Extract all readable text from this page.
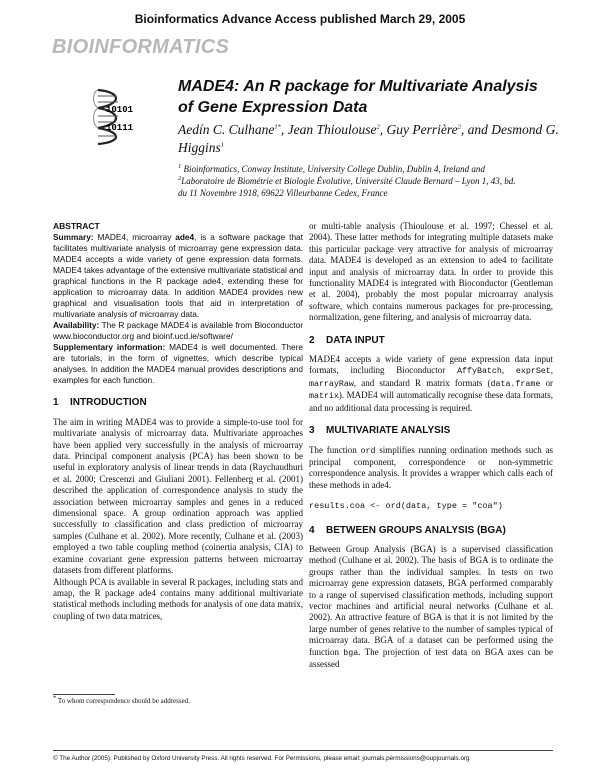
Bioinformatics Advance Access published March 29, 2005
BIOINFORMATICS
10101
10111
MADE4: An R package for Multivariate Analysis
of Gene Expression Data
Aedín C. Culhane$^{1*}$, Jean Thioulouse$^2$, Guy Perrière$^2$, and Desmond G.
Higgins$^1$
$^1$ Bioinformatics, Conway Institute, University College Dublin, Dublin 4, Ireland and
$^2$Laboratoire de Biométrie et Biologie Évolutive, Université Claude Bernard – Lyon 1, 43, bd.
du 11 Novembre 1918, 69622 Villeurbanne Cedex, France
ABSTRACT

Summary: MADE4, microarray ade4, is a software package that facilitates multivariate analysis of microarray gene expression data. MADE4 accepts a wide variety of gene expression data formats. MADE4 takes advantage of the extensive multivariate statistical and graphical functions in the R package ade4, extending these for application to microarray data. In addition MADE4 provides new graphical and visualisation tools that aid in interpretation of multivariate analysis of microarray data.

Availability: The R package MADE4 is available from Bioconductor www.bioconductor.org and bioinf.ucd.ie/software/

Supplementary information: MADE4 is well documented. There are tutorials, in the form of vignettes, which describe typical analyses. In addition the MADE4 manual provides descriptions and examples for each function.

1 INTRODUCTION

The aim in writing MADE4 was to provide a simple-to-use tool for multivariate analysis of microarray data. Multivariate approaches have been applied very successfully in the analysis of microarray data. Principal component analysis (PCA) has been shown to be useful in exploratory analysis of linear trends in data (Raychaudhuri et al. 2000; Crescenzi and Giuliani 2001). Fellenberg et al. (2001) described the application of correspondence analysis to study the association between microarray samples and genes in a reduced dimensional space. A group ordination approach was applied successfully to classification and class prediction of microarray samples (Culhane et al. 2002). More recently, Culhane et al. (2003) employed a two table coupling method (coinertia analysis, CIA) to examine covariant gene expression patterns between microarray datasets from different platforms.

Although PCA is available in several R packages, including stats and amap, the R package ade4 contains many additional multivariate statistical methods including methods for analysis of one data matrix, coupling of two data matrices,

or multi-table analysis (Thioulouse et al. 1997; Chessel et al. 2004). These latter methods for integrating multiple datasets make this particular package very attractive for analysis of microarray data. MADE4 is developed as an extension to ade4 to facilitate input and analysis of microarray data. In order to provide this functionality MADE4 is integrated with Bioconductor (Gentleman et al. 2004), probably the most popular microarray analysis software, which contains numerous packages for pre-processing, normalization, gene filtering, and analysis of microarray data.

2 DATA INPUT

MADE4 accepts a wide variety of gene expression data input formats, including Bioconductor AffyBatch, exprSet, marrayRaw, and standard R matrix formats (data.frame or matrix). MADE4 will automatically recognise these data formats, and no additional data processing is required.

3 MULTIVARIATE ANALYSIS

The function ord simplifies running ordination methods such as principal component, correspondence or non-symmetric correspondence analysis. It provides a wrapper which calls each of these methods in ade4.

results.coa <- ord(data, type = "coa")
4 BETWEEN GROUPS ANALYSIS (BGA)

Between Group Analysis (BGA) is a supervised classification method (Culhane et al. 2002). The basis of BGA is to ordinate the groups rather than the individual samples. In tests on two microarray gene expression datasets, BGA performed comparably to a range of supervised classification methods, including support vector machines and artificial neural networks (Culhane et al. 2002). An attractive feature of BGA is that it is not limited by the large number of genes relative to the number of samples typical of microarray data. BGA of a dataset can be performed using the function bga. The projection of test data on BGA axes can be assessed

* To whom correspondence should be addressed.
© The Author (2005). Published by Oxford University Press. All rights reserved. For Permissions, please email: journals.permissions@oupjournals.org
